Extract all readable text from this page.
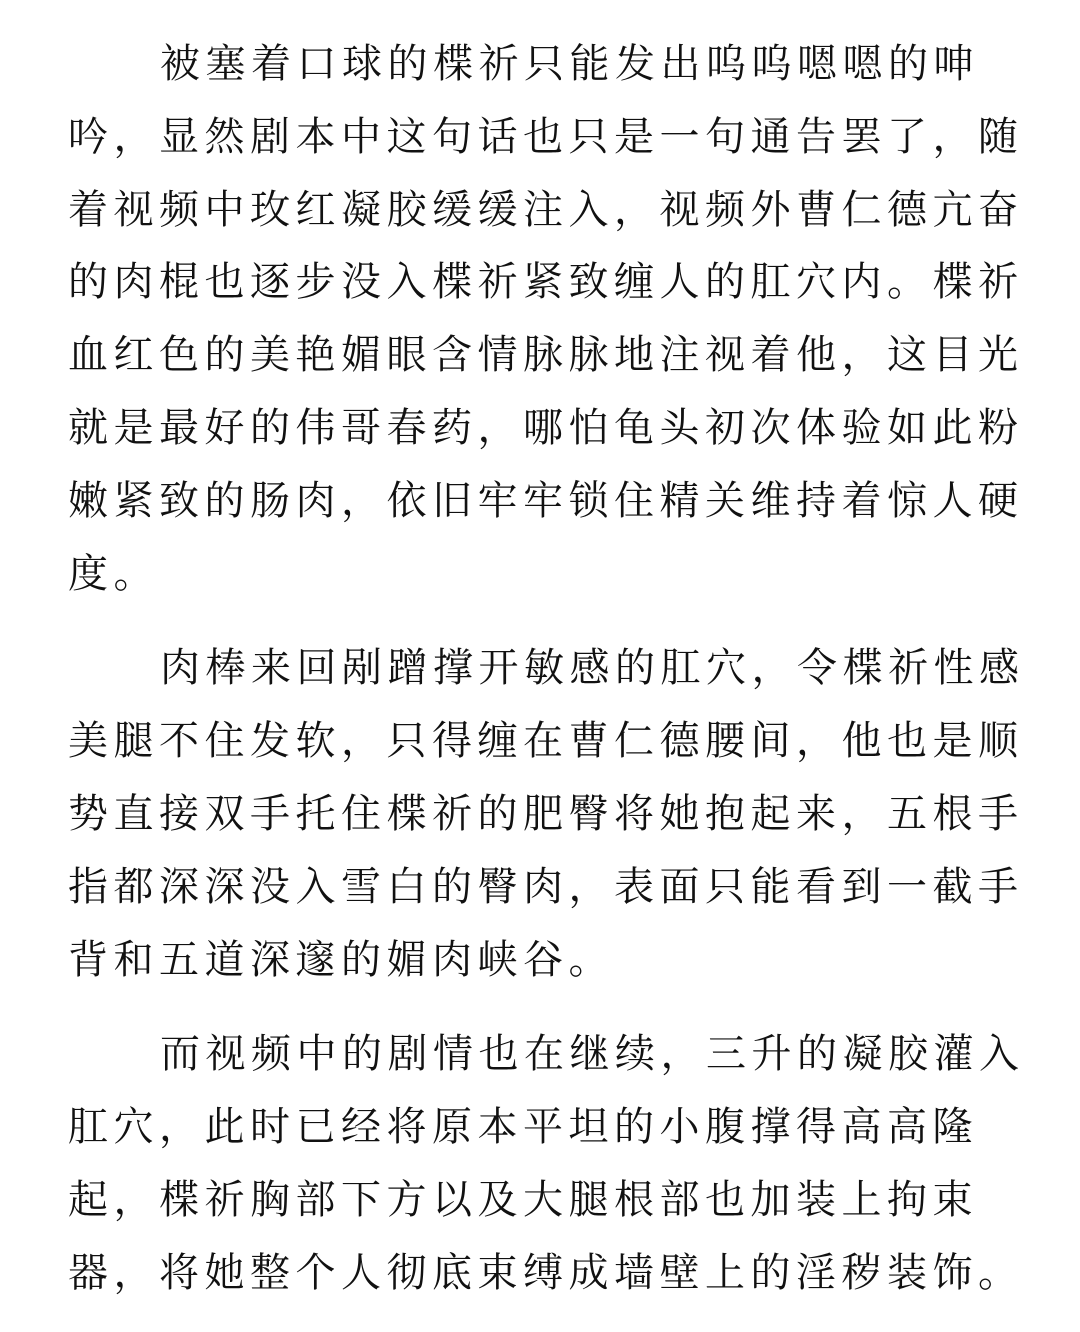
被塞着口球的楪祈只能发出呜呜嗯嗯的呻
吟，显然剧本中这句话也只是一句通告罢了，随
着视频中玫红凝胶缓缓注入，视频外曹仁德亢奋
的肉棍也逐步没入楪祈紧致缠人的肛穴内。楪祈
血红色的美艳媚眼含情脉脉地注视着他，这目光
就是最好的伟哥春药，哪怕龟头初次体验如此粉
嫩紧致的肠肉，依旧牢牢锁住精关维持着惊人硬
度。
肉棒来回剐蹭撑开敏感的肛穴，令楪祈性感
美腿不住发软，只得缠在曹仁德腰间，他也是顺
势直接双手托住楪祈的肥臀将她抱起来，五根手
指都深深没入雪白的臀肉，表面只能看到一截手
背和五道深邃的媚肉峡谷。
而视频中的剧情也在继续，三升的凝胶灌入
肛穴，此时已经将原本平坦的小腹撑得高高隆
起，楪祈胸部下方以及大腿根部也加装上拘束
器，将她整个人彻底束缚成墙壁上的淫秽装饰。
